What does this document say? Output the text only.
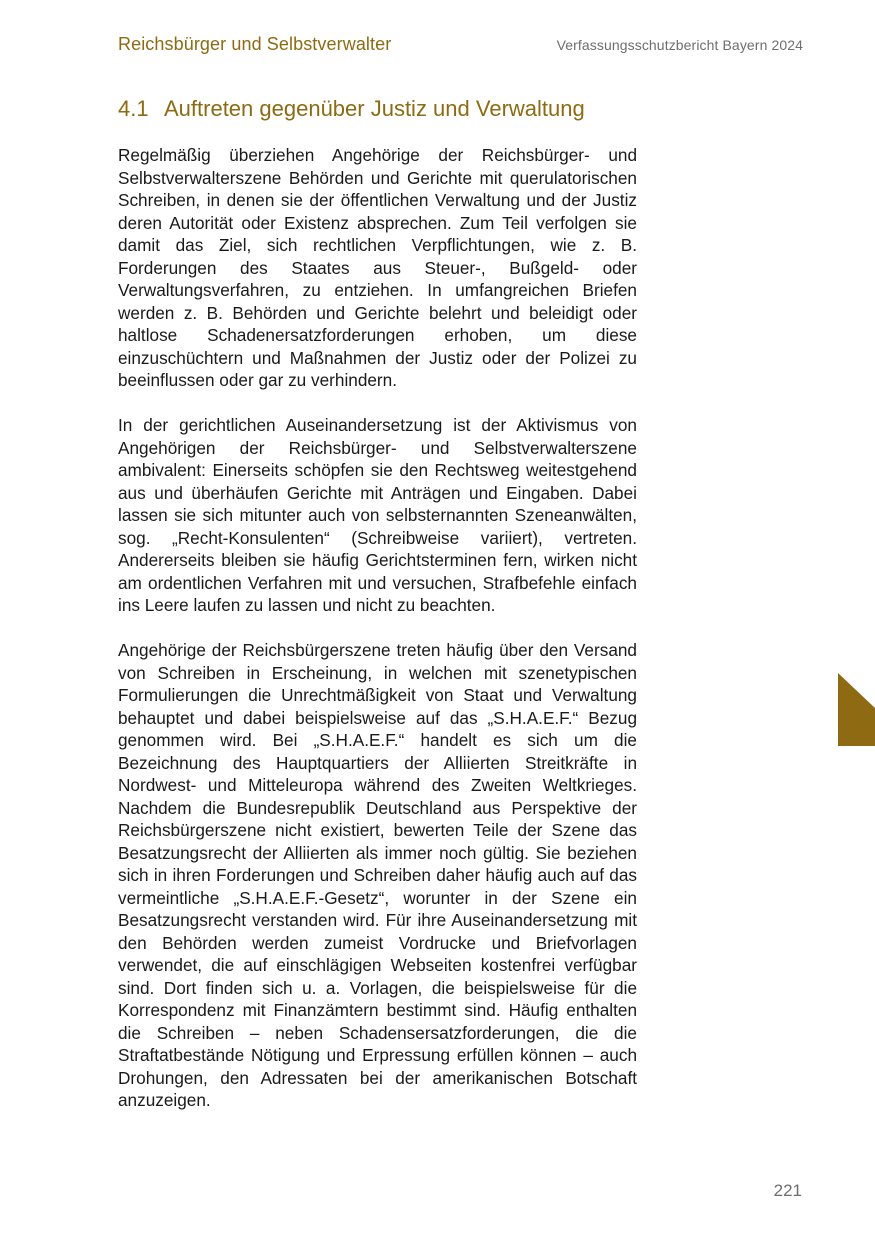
Reichsbürger und Selbstverwalter	Verfassungsschutzbericht Bayern 2024
4.1 Auftreten gegenüber Justiz und Verwaltung

Regelmäßig überziehen Angehörige der Reichsbürger- und Selbstverwalterszene Behörden und Gerichte mit querulatorischen Schreiben, in denen sie der öffentlichen Verwaltung und der Justiz deren Autorität oder Existenz absprechen. Zum Teil verfolgen sie damit das Ziel, sich rechtlichen Verpflichtungen, wie z. B. Forderungen des Staates aus Steuer-, Bußgeld- oder Verwaltungsverfahren, zu entziehen. In umfangreichen Briefen werden z. B. Behörden und Gerichte belehrt und beleidigt oder haltlose Schadenersatzforderungen erhoben, um diese einzuschüchtern und Maßnahmen der Justiz oder der Polizei zu beeinflussen oder gar zu verhindern.

In der gerichtlichen Auseinandersetzung ist der Aktivismus von Angehörigen der Reichsbürger- und Selbstverwalterszene ambivalent: Einerseits schöpfen sie den Rechtsweg weitestgehend aus und überhäufen Gerichte mit Anträgen und Eingaben. Dabei lassen sie sich mitunter auch von selbsternannten Szeneanwälten, sog. „Recht-Konsulenten“ (Schreibweise variiert), vertreten. Andererseits bleiben sie häufig Gerichtsterminen fern, wirken nicht am ordentlichen Verfahren mit und versuchen, Strafbefehle einfach ins Leere laufen zu lassen und nicht zu beachten.

Angehörige der Reichsbürgerszene treten häufig über den Versand von Schreiben in Erscheinung, in welchen mit szenetypischen Formulierungen die Unrechtmäßigkeit von Staat und Verwaltung behauptet und dabei beispielsweise auf das „S.H.A.E.F.“ Bezug genommen wird. Bei „S.H.A.E.F.“ handelt es sich um die Bezeichnung des Hauptquartiers der Alliierten Streitkräfte in Nordwest- und Mitteleuropa während des Zweiten Weltkrieges. Nachdem die Bundesrepublik Deutschland aus Perspektive der Reichsbürgerszene nicht existiert, bewerten Teile der Szene das Besatzungsrecht der Alliierten als immer noch gültig. Sie beziehen sich in ihren Forderungen und Schreiben daher häufig auch auf das vermeintliche „S.H.A.E.F.-Gesetz“, worunter in der Szene ein Besatzungsrecht verstanden wird. Für ihre Auseinandersetzung mit den Behörden werden zumeist Vordrucke und Briefvorlagen verwendet, die auf einschlägigen Webseiten kostenfrei verfügbar sind. Dort finden sich u. a. Vorlagen, die beispielsweise für die Korrespondenz mit Finanzämtern bestimmt sind. Häufig enthalten die Schreiben – neben Schadensersatzforderungen, die die Straftatbestände Nötigung und Erpressung erfüllen können – auch Drohungen, den Adressaten bei der amerikanischen Botschaft anzuzeigen.

221
